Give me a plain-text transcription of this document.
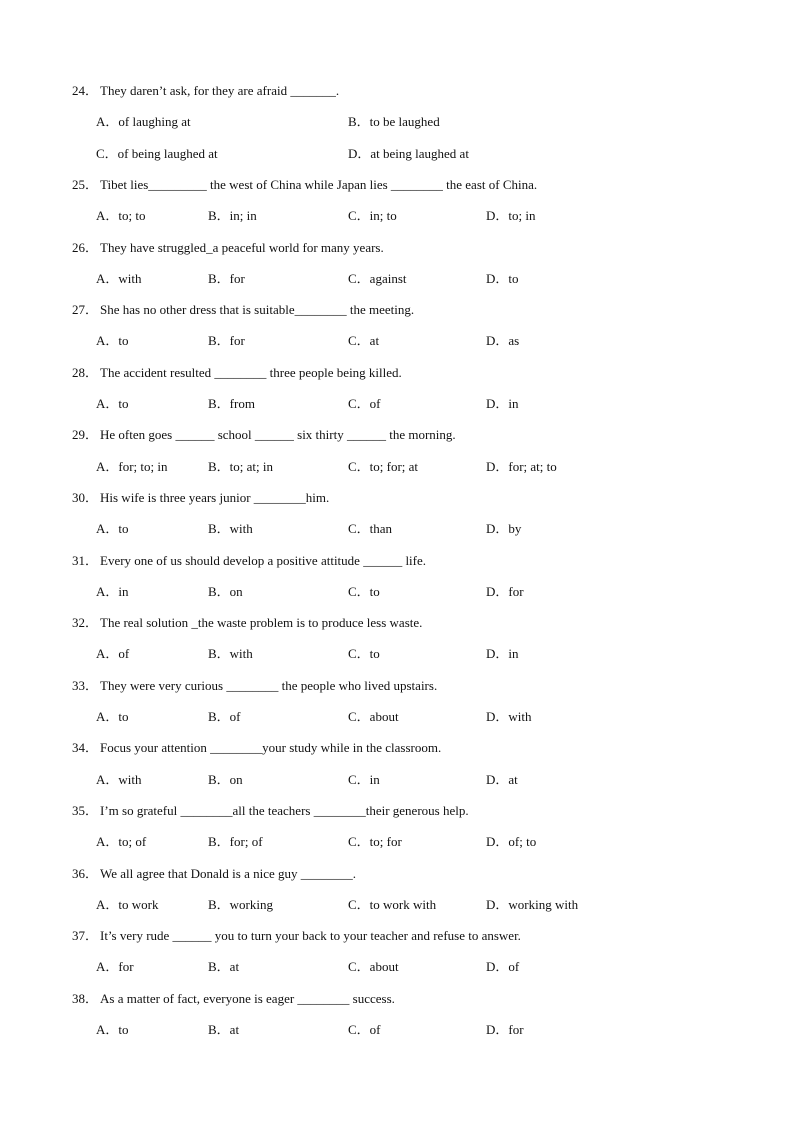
24． They daren’t ask, for they are afraid _______.
A．of laughing at	B．to be laughed
C．of being laughed at	D．at being laughed at
25． Tibet lies_________ the west of China while Japan lies ________ the east of China.
A．to; to	B．in; in	C．in; to	D．to; in
26． They have struggled_a peaceful world for many years.
A．with	B．for	C．against	D．to
27． She has no other dress that is suitable________ the meeting.
A．to	B．for	C．at	D．as
28． The accident resulted ________ three people being killed.
A．to	B．from	C．of	D．in
29． He often goes ______ school ______ six thirty ______ the morning.
A．for; to; in	B．to; at; in	C．to; for; at	D．for; at; to
30． His wife is three years junior ________him.
A．to	B．with	C．than	D．by
31． Every one of us should develop a positive attitude ______ life.
A．in	B．on	C．to	D．for
32． The real solution _the waste problem is to produce less waste.
A．of	B．with	C．to	D．in
33． They were very curious ________ the people who lived upstairs.
A．to	B．of	C．about	D．with
34． Focus your attention ________your study while in the classroom.
A．with	B．on	C．in	D．at
35． I’m so grateful ________all the teachers ________their generous help.
A．to; of	B．for; of	C．to; for	D．of; to
36． We all agree that Donald is a nice guy ________.
A．to work	B．working	C．to work with	D．working with
37． It’s very rude ______ you to turn your back to your teacher and refuse to answer.
A．for	B．at	C．about	D．of
38． As a matter of fact, everyone is eager ________ success.
A．to	B．at	C．of	D．for
